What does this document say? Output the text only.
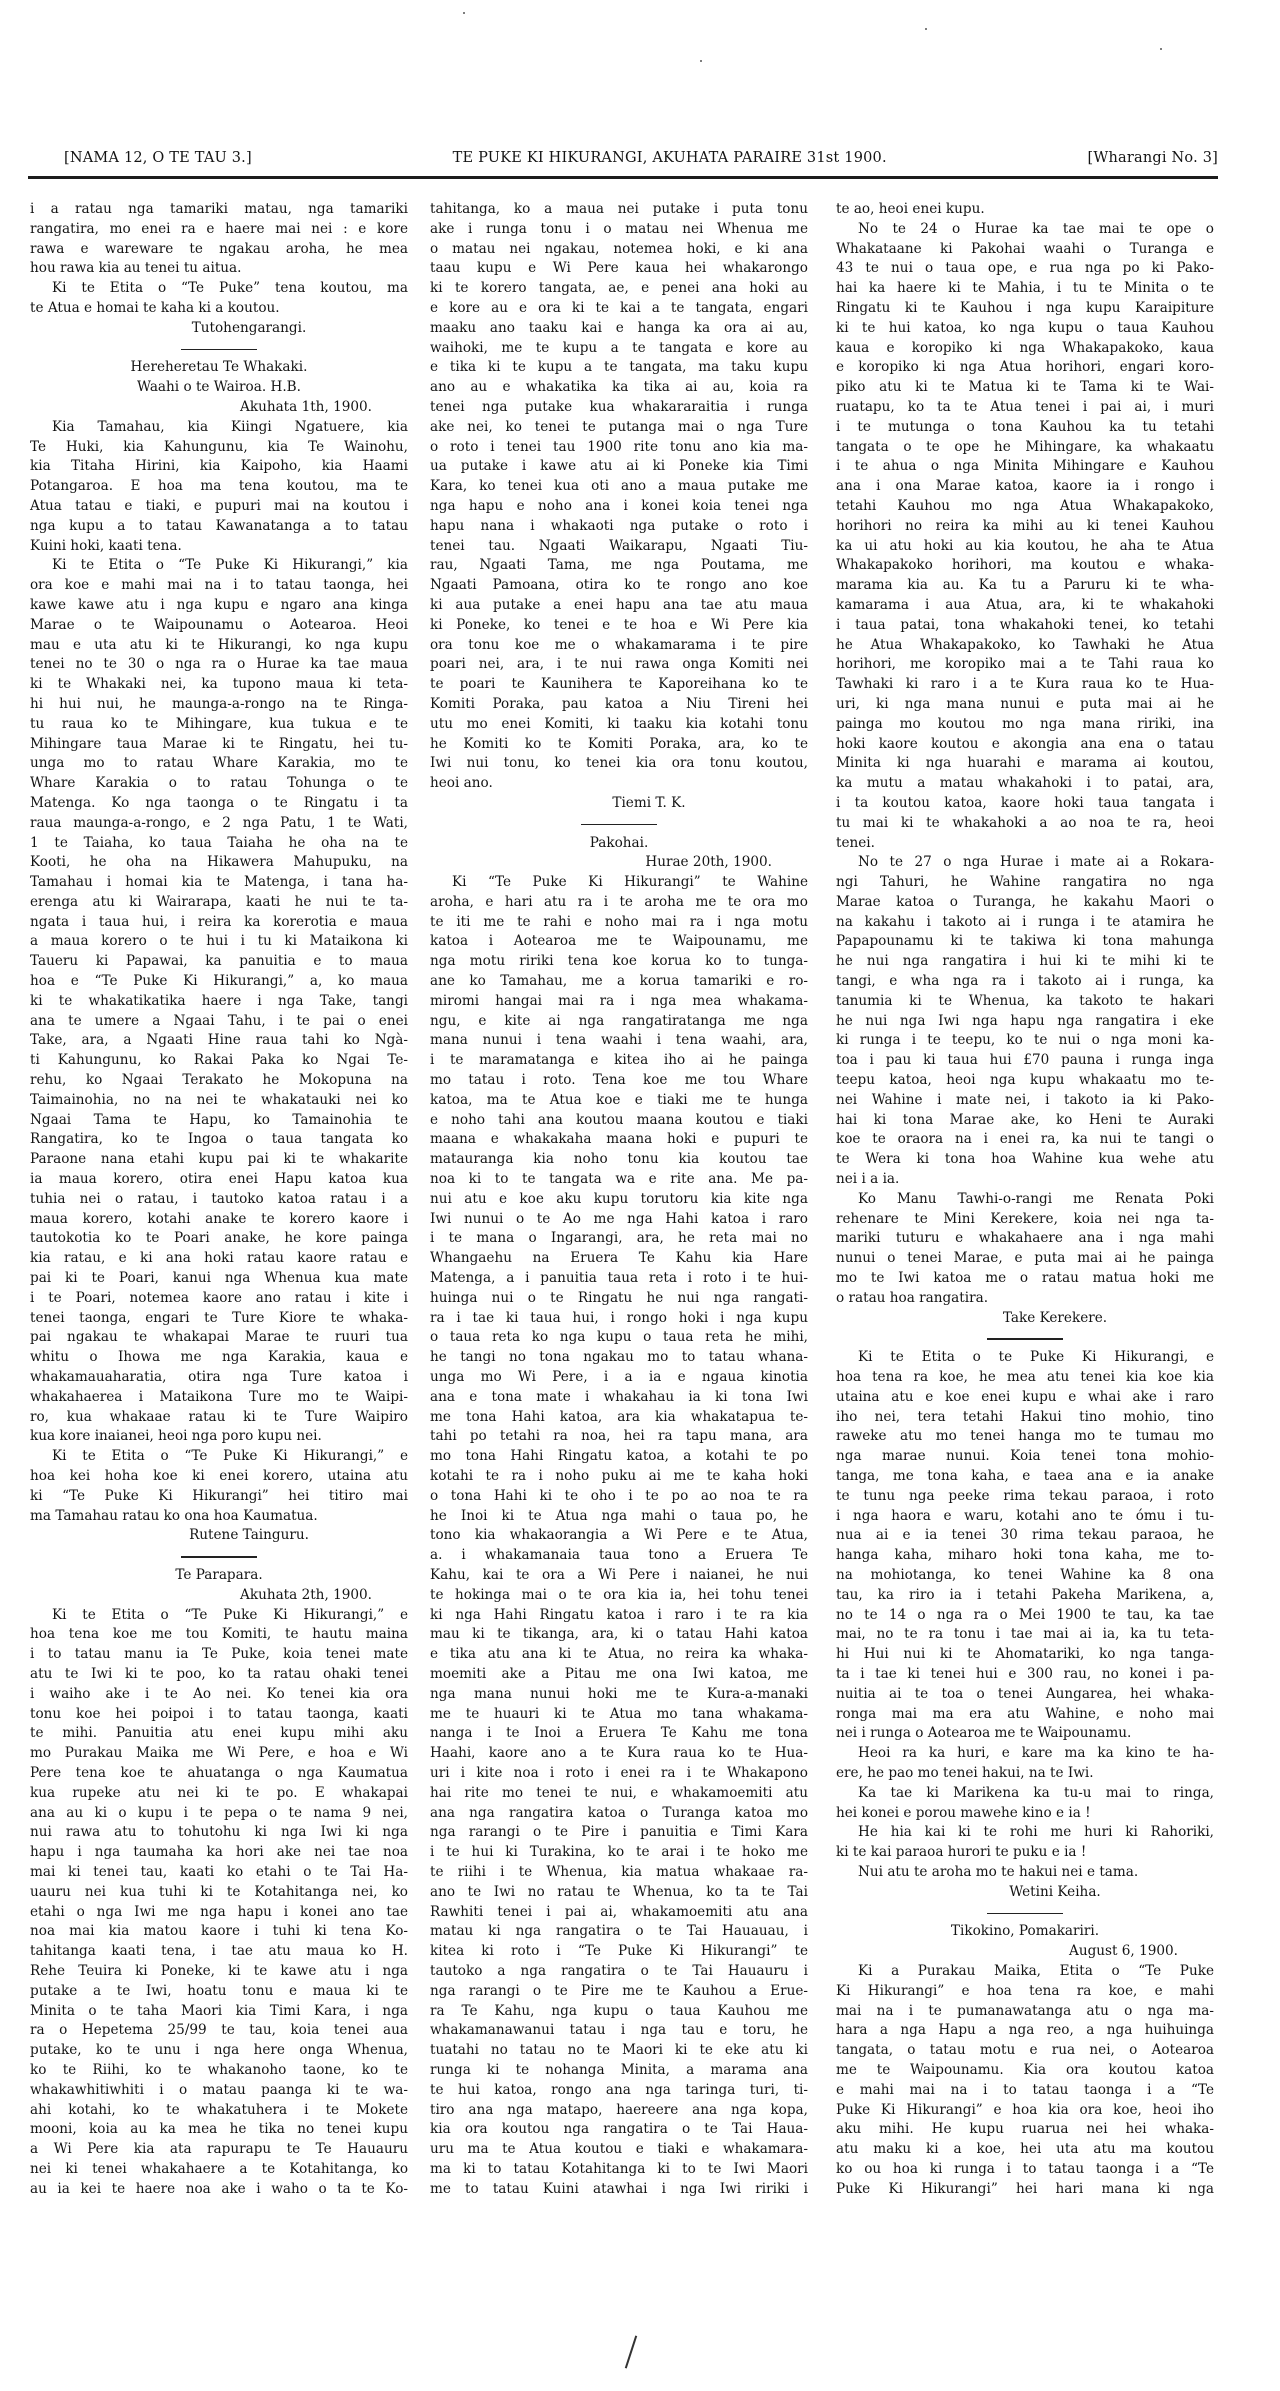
[NAMA 12, O TE TAU 3.]	TE PUKE KI HIKURANGI, AKUHATA PARAIRE 31st 1900.	[Wharangi No. 3]
i a ratau nga tamariki matau, nga tamariki
rangatira, mo enei ra e haere mai nei : e kore
rawa e wareware te ngakau aroha, he mea
hou rawa kia au tenei tu aitua.
Ki te Etita o “Te Puke” tena koutou, ma
te Atua e homai te kaha ki a koutou.
Tutohengarangi.
Hereheretau Te Whakaki.
Waahi o te Wairoa. H.B.
Akuhata 1th, 1900.
Kia Tamahau, kia Kiingi Ngatuere, kia
Te Huki, kia Kahungunu, kia Te Wainohu,
kia Titaha Hirini, kia Kaipoho, kia Haami
Potangaroa. E hoa ma tena koutou, ma te
Atua tatau e tiaki, e pupuri mai na koutou i
nga kupu a to tatau Kawanatanga a to tatau
Kuini hoki, kaati tena.
Ki te Etita o “Te Puke Ki Hikurangi,” kia
ora koe e mahi mai na i to tatau taonga, hei
kawe kawe atu i nga kupu e ngaro ana kinga
Marae o te Waipounamu o Aotearoa. Heoi
mau e uta atu ki te Hikurangi, ko nga kupu
tenei no te 30 o nga ra o Hurae ka tae maua
ki te Whakaki nei, ka tupono maua ki teta-
hi hui nui, he maunga-a-rongo na te Ringa-
tu raua ko te Mihingare, kua tukua e te
Mihingare taua Marae ki te Ringatu, hei tu-
unga mo to ratau Whare Karakia, mo te
Whare Karakia o to ratau Tohunga o te
Matenga. Ko nga taonga o te Ringatu i ta
raua maunga-a-rongo, e 2 nga Patu, 1 te Wati,
1 te Taiaha, ko taua Taiaha he oha na te
Kooti, he oha na Hikawera Mahupuku, na
Tamahau i homai kia te Matenga, i tana ha-
erenga atu ki Wairarapa, kaati he nui te ta-
ngata i taua hui, i reira ka korerotia e maua
a maua korero o te hui i tu ki Mataikona ki
Taueru ki Papawai, ka panuitia e to maua
hoa e “Te Puke Ki Hikurangi,” a, ko maua
ki te whakatikatika haere i nga Take, tangi
ana te umere a Ngaai Tahu, i te pai o enei
Take, ara, a Ngaati Hine raua tahi ko Ngà-
ti Kahungunu, ko Rakai Paka ko Ngai Te-
rehu, ko Ngaai Terakato he Mokopuna na
Taimainohia, no na nei te whakatauki nei ko
Ngaai Tama te Hapu, ko Tamainohia te
Rangatira, ko te Ingoa o taua tangata ko
Paraone nana etahi kupu pai ki te whakarite
ia maua korero, otira enei Hapu katoa kua
tuhia nei o ratau, i tautoko katoa ratau i a
maua korero, kotahi anake te korero kaore i
tautokotia ko te Poari anake, he kore painga
kia ratau, e ki ana hoki ratau kaore ratau e
pai ki te Poari, kanui nga Whenua kua mate
i te Poari, notemea kaore ano ratau i kite i
tenei taonga, engari te Ture Kiore te whaka-
pai ngakau te whakapai Marae te ruuri tua
whitu o Ihowa me nga Karakia, kaua e
whakamauaharatia, otira nga Ture katoa i
whakahaerea i Mataikona Ture mo te Waipi-
ro, kua whakaae ratau ki te Ture Waipiro
kua kore inaianei, heoi nga poro kupu nei.
Ki te Etita o “Te Puke Ki Hikurangi,” e
hoa kei hoha koe ki enei korero, utaina atu
ki “Te Puke Ki Hikurangi” hei titiro mai
ma Tamahau ratau ko ona hoa Kaumatua.
Rutene Tainguru.
Te Parapara.
Akuhata 2th, 1900.
Ki te Etita o “Te Puke Ki Hikurangi,” e
hoa tena koe me tou Komiti, te hautu maina
i to tatau manu ia Te Puke, koia tenei mate
atu te Iwi ki te poo, ko ta ratau ohaki tenei
i waiho ake i te Ao nei. Ko tenei kia ora
tonu koe hei poipoi i to tatau taonga, kaati
te mihi. Panuitia atu enei kupu mihi aku
mo Purakau Maika me Wi Pere, e hoa e Wi
Pere tena koe te ahuatanga o nga Kaumatua
kua rupeke atu nei ki te po. E whakapai
ana au ki o kupu i te pepa o te nama 9 nei,
nui rawa atu to tohutohu ki nga Iwi ki nga
hapu i nga taumaha ka hori ake nei tae noa
mai ki tenei tau, kaati ko etahi o te Tai Ha-
uauru nei kua tuhi ki te Kotahitanga nei, ko
etahi o nga Iwi me nga hapu i konei ano tae
noa mai kia matou kaore i tuhi ki tena Ko-
tahitanga kaati tena, i tae atu maua ko H.
Rehe Teuira ki Poneke, ki te kawe atu i nga
putake a te Iwi, hoatu tonu e maua ki te
Minita o te taha Maori kia Timi Kara, i nga
ra o Hepetema 25/99 te tau, koia tenei aua
putake, ko te unu i nga here onga Whenua,
ko te Riihi, ko te whakanoho taone, ko te
whakawhitiwhiti i o matau paanga ki te wa-
ahi kotahi, ko te whakatuhera i te Mokete
mooni, koia au ka mea he tika no tenei kupu
a Wi Pere kia ata rapurapu te Te Hauauru
nei ki tenei whakahaere a te Kotahitanga, ko
au ia kei te haere noa ake i waho o ta te Ko-
tahitanga, ko a maua nei putake i puta tonu
ake i runga tonu i o matau nei Whenua me
o matau nei ngakau, notemea hoki, e ki ana
taau kupu e Wi Pere kaua hei whakarongo
ki te korero tangata, ae, e penei ana hoki au
e kore au e ora ki te kai a te tangata, engari
maaku ano taaku kai e hanga ka ora ai au,
waihoki, me te kupu a te tangata e kore au
e tika ki te kupu a te tangata, ma taku kupu
ano au e whakatika ka tika ai au, koia ra
tenei nga putake kua whakararaitia i runga
ake nei, ko tenei te putanga mai o nga Ture
o roto i tenei tau 1900 rite tonu ano kia ma-
ua putake i kawe atu ai ki Poneke kia Timi
Kara, ko tenei kua oti ano a maua putake me
nga hapu e noho ana i konei koia tenei nga
hapu nana i whakaoti nga putake o roto i
tenei tau. Ngaati Waikarapu, Ngaati Tiu-
rau, Ngaati Tama, me nga Poutama, me
Ngaati Pamoana, otira ko te rongo ano koe
ki aua putake a enei hapu ana tae atu maua
ki Poneke, ko tenei e te hoa e Wi Pere kia
ora tonu koe me o whakamarama i te pire
poari nei, ara, i te nui rawa onga Komiti nei
te poari te Kaunihera te Kaporeihana ko te
Komiti Poraka, pau katoa a Niu Tireni hei
utu mo enei Komiti, ki taaku kia kotahi tonu
he Komiti ko te Komiti Poraka, ara, ko te
Iwi nui tonu, ko tenei kia ora tonu koutou,
heoi ano.
Tiemi T. K.
Pakohai.
Hurae 20th, 1900.
Ki “Te Puke Ki Hikurangi” te Wahine
aroha, e hari atu ra i te aroha me te ora mo
te iti me te rahi e noho mai ra i nga motu
katoa i Aotearoa me te Waipounamu, me
nga motu ririki tena koe korua ko to tunga-
ane ko Tamahau, me a korua tamariki e ro-
miromi hangai mai ra i nga mea whakama-
ngu, e kite ai nga rangatiratanga me nga
mana nunui i tena waahi i tena waahi, ara,
i te maramatanga e kitea iho ai he painga
mo tatau i roto. Tena koe me tou Whare
katoa, ma te Atua koe e tiaki me te hunga
e noho tahi ana koutou maana koutou e tiaki
maana e whakakaha maana hoki e pupuri te
matauranga kia noho tonu kia koutou tae
noa ki to te tangata wa e rite ana. Me pa-
nui atu e koe aku kupu torutoru kia kite nga
Iwi nunui o te Ao me nga Hahi katoa i raro
i te mana o Ingarangi, ara, he reta mai no
Whangaehu na Eruera Te Kahu kia Hare
Matenga, a i panuitia taua reta i roto i te hui-
huinga nui o te Ringatu he nui nga rangati-
ra i tae ki taua hui, i rongo hoki i nga kupu
o taua reta ko nga kupu o taua reta he mihi,
he tangi no tona ngakau mo to tatau whana-
unga mo Wi Pere, i a ia e ngaua kinotia
ana e tona mate i whakahau ia ki tona Iwi
me tona Hahi katoa, ara kia whakatapua te-
tahi po tetahi ra noa, hei ra tapu mana, ara
mo tona Hahi Ringatu katoa, a kotahi te po
kotahi te ra i noho puku ai me te kaha hoki
o tona Hahi ki te oho i te po ao noa te ra
he Inoi ki te Atua nga mahi o taua po, he
tono kia whakaorangia a Wi Pere e te Atua,
a. i whakamanaia taua tono a Eruera Te
Kahu, kai te ora a Wi Pere i naianei, he nui
te hokinga mai o te ora kia ia, hei tohu tenei
ki nga Hahi Ringatu katoa i raro i te ra kia
mau ki te tikanga, ara, ki o tatau Hahi katoa
e tika atu ana ki te Atua, no reira ka whaka-
moemiti ake a Pitau me ona Iwi katoa, me
nga mana nunui hoki me te Kura-a-manaki
me te huauri ki te Atua mo tana whakama-
nanga i te Inoi a Eruera Te Kahu me tona
Haahi, kaore ano a te Kura raua ko te Hua-
uri i kite noa i roto i enei ra i te Whakapono
hai rite mo tenei te nui, e whakamoemiti atu
ana nga rangatira katoa o Turanga katoa mo
nga rarangi o te Pire i panuitia e Timi Kara
i te hui ki Turakina, ko te arai i te hoko me
te riihi i te Whenua, kia matua whakaae ra-
ano te Iwi no ratau te Whenua, ko ta te Tai
Rawhiti tenei i pai ai, whakamoemiti atu ana
matau ki nga rangatira o te Tai Hauauau, i
kitea ki roto i “Te Puke Ki Hikurangi” te
tautoko a nga rangatira o te Tai Hauauru i
nga rarangi o te Pire me te Kauhou a Erue-
ra Te Kahu, nga kupu o taua Kauhou me
whakamanawanui tatau i nga tau e toru, he
tuatahi no tatau no te Maori ki te eke atu ki
runga ki te nohanga Minita, a marama ana
te hui katoa, rongo ana nga taringa turi, ti-
tiro ana nga matapo, haereere ana nga kopa,
kia ora koutou nga rangatira o te Tai Haua-
uru ma te Atua koutou e tiaki e whakamara-
ma ki to tatau Kotahitanga ki to te Iwi Maori
me to tatau Kuini atawhai i nga Iwi ririki i
te ao, heoi enei kupu.
No te 24 o Hurae ka tae mai te ope o
Whakataane ki Pakohai waahi o Turanga e
43 te nui o taua ope, e rua nga po ki Pako-
hai ka haere ki te Mahia, i tu te Minita o te
Ringatu ki te Kauhou i nga kupu Karaipiture
ki te hui katoa, ko nga kupu o taua Kauhou
kaua e koropiko ki nga Whakapakoko, kaua
e koropiko ki nga Atua horihori, engari koro-
piko atu ki te Matua ki te Tama ki te Wai-
ruatapu, ko ta te Atua tenei i pai ai, i muri
i te mutunga o tona Kauhou ka tu tetahi
tangata o te ope he Mihingare, ka whakaatu
i te ahua o nga Minita Mihingare e Kauhou
ana i ona Marae katoa, kaore ia i rongo i
tetahi Kauhou mo nga Atua Whakapakoko,
horihori no reira ka mihi au ki tenei Kauhou
ka ui atu hoki au kia koutou, he aha te Atua
Whakapakoko horihori, ma koutou e whaka-
marama kia au. Ka tu a Paruru ki te wha-
kamarama i aua Atua, ara, ki te whakahoki
i taua patai, tona whakahoki tenei, ko tetahi
he Atua Whakapakoko, ko Tawhaki he Atua
horihori, me koropiko mai a te Tahi raua ko
Tawhaki ki raro i a te Kura raua ko te Hua-
uri, ki nga mana nunui e puta mai ai he
painga mo koutou mo nga mana ririki, ina
hoki kaore koutou e akongia ana ena o tatau
Minita ki nga huarahi e marama ai koutou,
ka mutu a matau whakahoki i to patai, ara,
i ta koutou katoa, kaore hoki taua tangata i
tu mai ki te whakahoki a ao noa te ra, heoi
tenei.
No te 27 o nga Hurae i mate ai a Rokara-
ngi Tahuri, he Wahine rangatira no nga
Marae katoa o Turanga, he kakahu Maori o
na kakahu i takoto ai i runga i te atamira he
Papapounamu ki te takiwa ki tona mahunga
he nui nga rangatira i hui ki te mihi ki te
tangi, e wha nga ra i takoto ai i runga, ka
tanumia ki te Whenua, ka takoto te hakari
he nui nga Iwi nga hapu nga rangatira i eke
ki runga i te teepu, ko te nui o nga moni ka-
toa i pau ki taua hui £70 pauna i runga inga
teepu katoa, heoi nga kupu whakaatu mo te-
nei Wahine i mate nei, i takoto ia ki Pako-
hai ki tona Marae ake, ko Heni te Auraki
koe te oraora na i enei ra, ka nui te tangi o
te Wera ki tona hoa Wahine kua wehe atu
nei i a ia.
Ko Manu Tawhi-o-rangi me Renata Poki
rehenare te Mini Kerekere, koia nei nga ta-
mariki tuturu e whakahaere ana i nga mahi
nunui o tenei Marae, e puta mai ai he painga
mo te Iwi katoa me o ratau matua hoki me
o ratau hoa rangatira.
Take Kerekere.
Ki te Etita o te Puke Ki Hikurangi, e
hoa tena ra koe, he mea atu tenei kia koe kia
utaina atu e koe enei kupu e whai ake i raro
iho nei, tera tetahi Hakui tino mohio, tino
raweke atu mo tenei hanga mo te tumau mo
nga marae nunui. Koia tenei tona mohio-
tanga, me tona kaha, e taea ana e ia anake
te tunu nga peeke rima tekau paraoa, i roto
i nga haora e waru, kotahi ano te ómu i tu-
nua ai e ia tenei 30 rima tekau paraoa, he
hanga kaha, miharo hoki tona kaha, me to-
na mohiotanga, ko tenei Wahine ka 8 ona
tau, ka riro ia i tetahi Pakeha Marikena, a,
no te 14 o nga ra o Mei 1900 te tau, ka tae
mai, no te ra tonu i tae mai ai ia, ka tu teta-
hi Hui nui ki te Ahomatariki, ko nga tanga-
ta i tae ki tenei hui e 300 rau, no konei i pa-
nuitia ai te toa o tenei Aungarea, hei whaka-
ronga mai ma era atu Wahine, e noho mai
nei i runga o Aotearoa me te Waipounamu.
Heoi ra ka huri, e kare ma ka kino te ha-
ere, he pao mo tenei hakui, na te Iwi.
Ka tae ki Marikena ka tu-u mai to ringa,
hei konei e porou mawehe kino e ia !
He hia kai ki te rohi me huri ki Rahoriki,
ki te kai paraoa hurori te puku e ia !
Nui atu te aroha mo te hakui nei e tama.
Wetini Keiha.
Tikokino, Pomakariri.
August 6, 1900.
Ki a Purakau Maika, Etita o “Te Puke
Ki Hikurangi” e hoa tena ra koe, e mahi
mai na i te pumanawatanga atu o nga ma-
hara a nga Hapu a nga reo, a nga huihuinga
tangata, o tatau motu e rua nei, o Aotearoa
me te Waipounamu. Kia ora koutou katoa
e mahi mai na i to tatau taonga i a “Te
Puke Ki Hikurangi” e hoa kia ora koe, heoi iho
aku mihi. He kupu ruarua nei hei whaka-
atu maku ki a koe, hei uta atu ma koutou
ko ou hoa ki runga i to tatau taonga i a “Te
Puke Ki Hikurangi” hei hari mana ki nga
